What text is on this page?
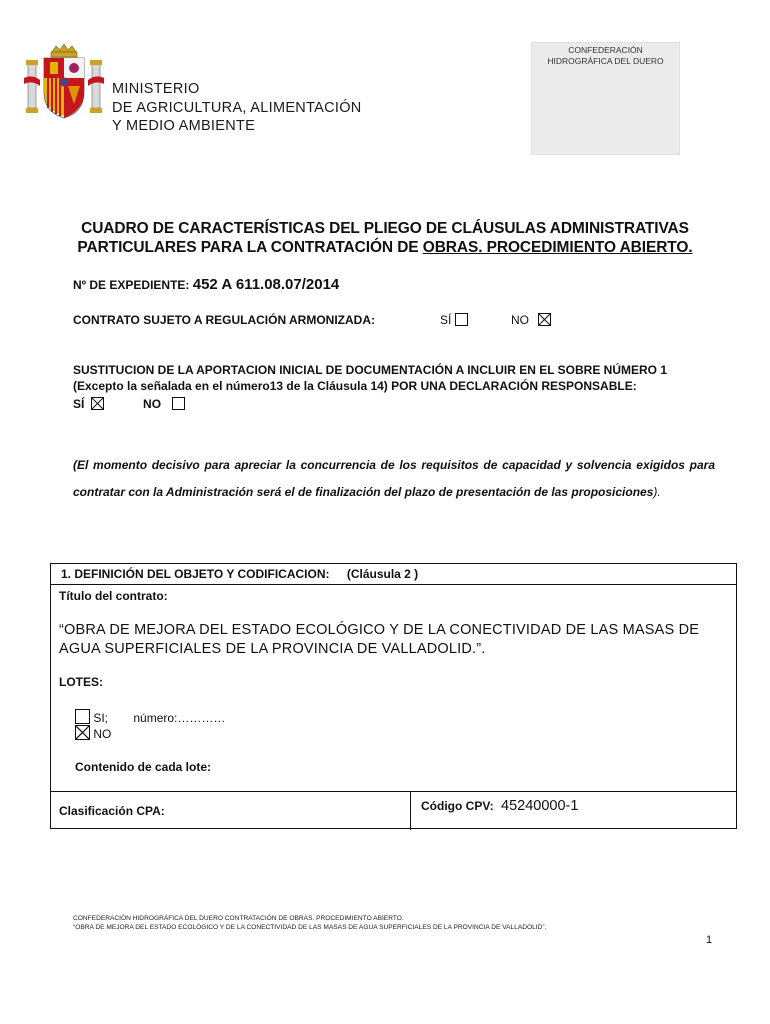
MINISTERIO
DE AGRICULTURA, ALIMENTACIÓN
Y MEDIO AMBIENTE
CONFEDERACIÓN
HIDROGRÁFICA DEL DUERO
CUADRO DE CARACTERÍSTICAS DEL PLIEGO DE CLÁUSULAS ADMINISTRATIVAS
PARTICULARES PARA LA CONTRATACIÓN DE OBRAS. PROCEDIMIENTO ABIERTO.
Nº DE EXPEDIENTE: 452 A 611.08.07/2014
CONTRATO SUJETO A REGULACIÓN ARMONIZADA:	SÍ	NO
SUSTITUCION DE LA APORTACION INICIAL DE DOCUMENTACIÓN A INCLUIR EN EL SOBRE NÚMERO 1
(Excepto la señalada en el número13 de la Cláusula 14) POR UNA DECLARACIÓN RESPONSABLE:
SÍ	NO
(El momento decisivo para apreciar la concurrencia de los requisitos de capacidad y solvencia exigidos para contratar con la Administración será el de finalización del plazo de presentación de las proposiciones).
1. DEFINICIÓN DEL OBJETO Y CODIFICACION: (Cláusula 2 )
Título del contrato:
“OBRA DE MEJORA DEL ESTADO ECOLÓGICO Y DE LA CONECTIVIDAD DE LAS MASAS DE AGUA SUPERFICIALES DE LA PROVINCIA DE VALLADOLID.”.
LOTES:
SI; número:…………
NO
Contenido de cada lote:
Clasificación CPA:	Código CPV: 45240000-1
CONFEDERACIÓN HIDROGRÁFICA DEL DUERO CONTRATACIÓN DE OBRAS. PROCEDIMIENTO ABIERTO.
“OBRA DE MEJORA DEL ESTADO ECOLÓGICO Y DE LA CONECTIVIDAD DE LAS MASAS DE AGUA SUPERFICIALES DE LA PROVINCIA DE VALLADOLID”.
1
